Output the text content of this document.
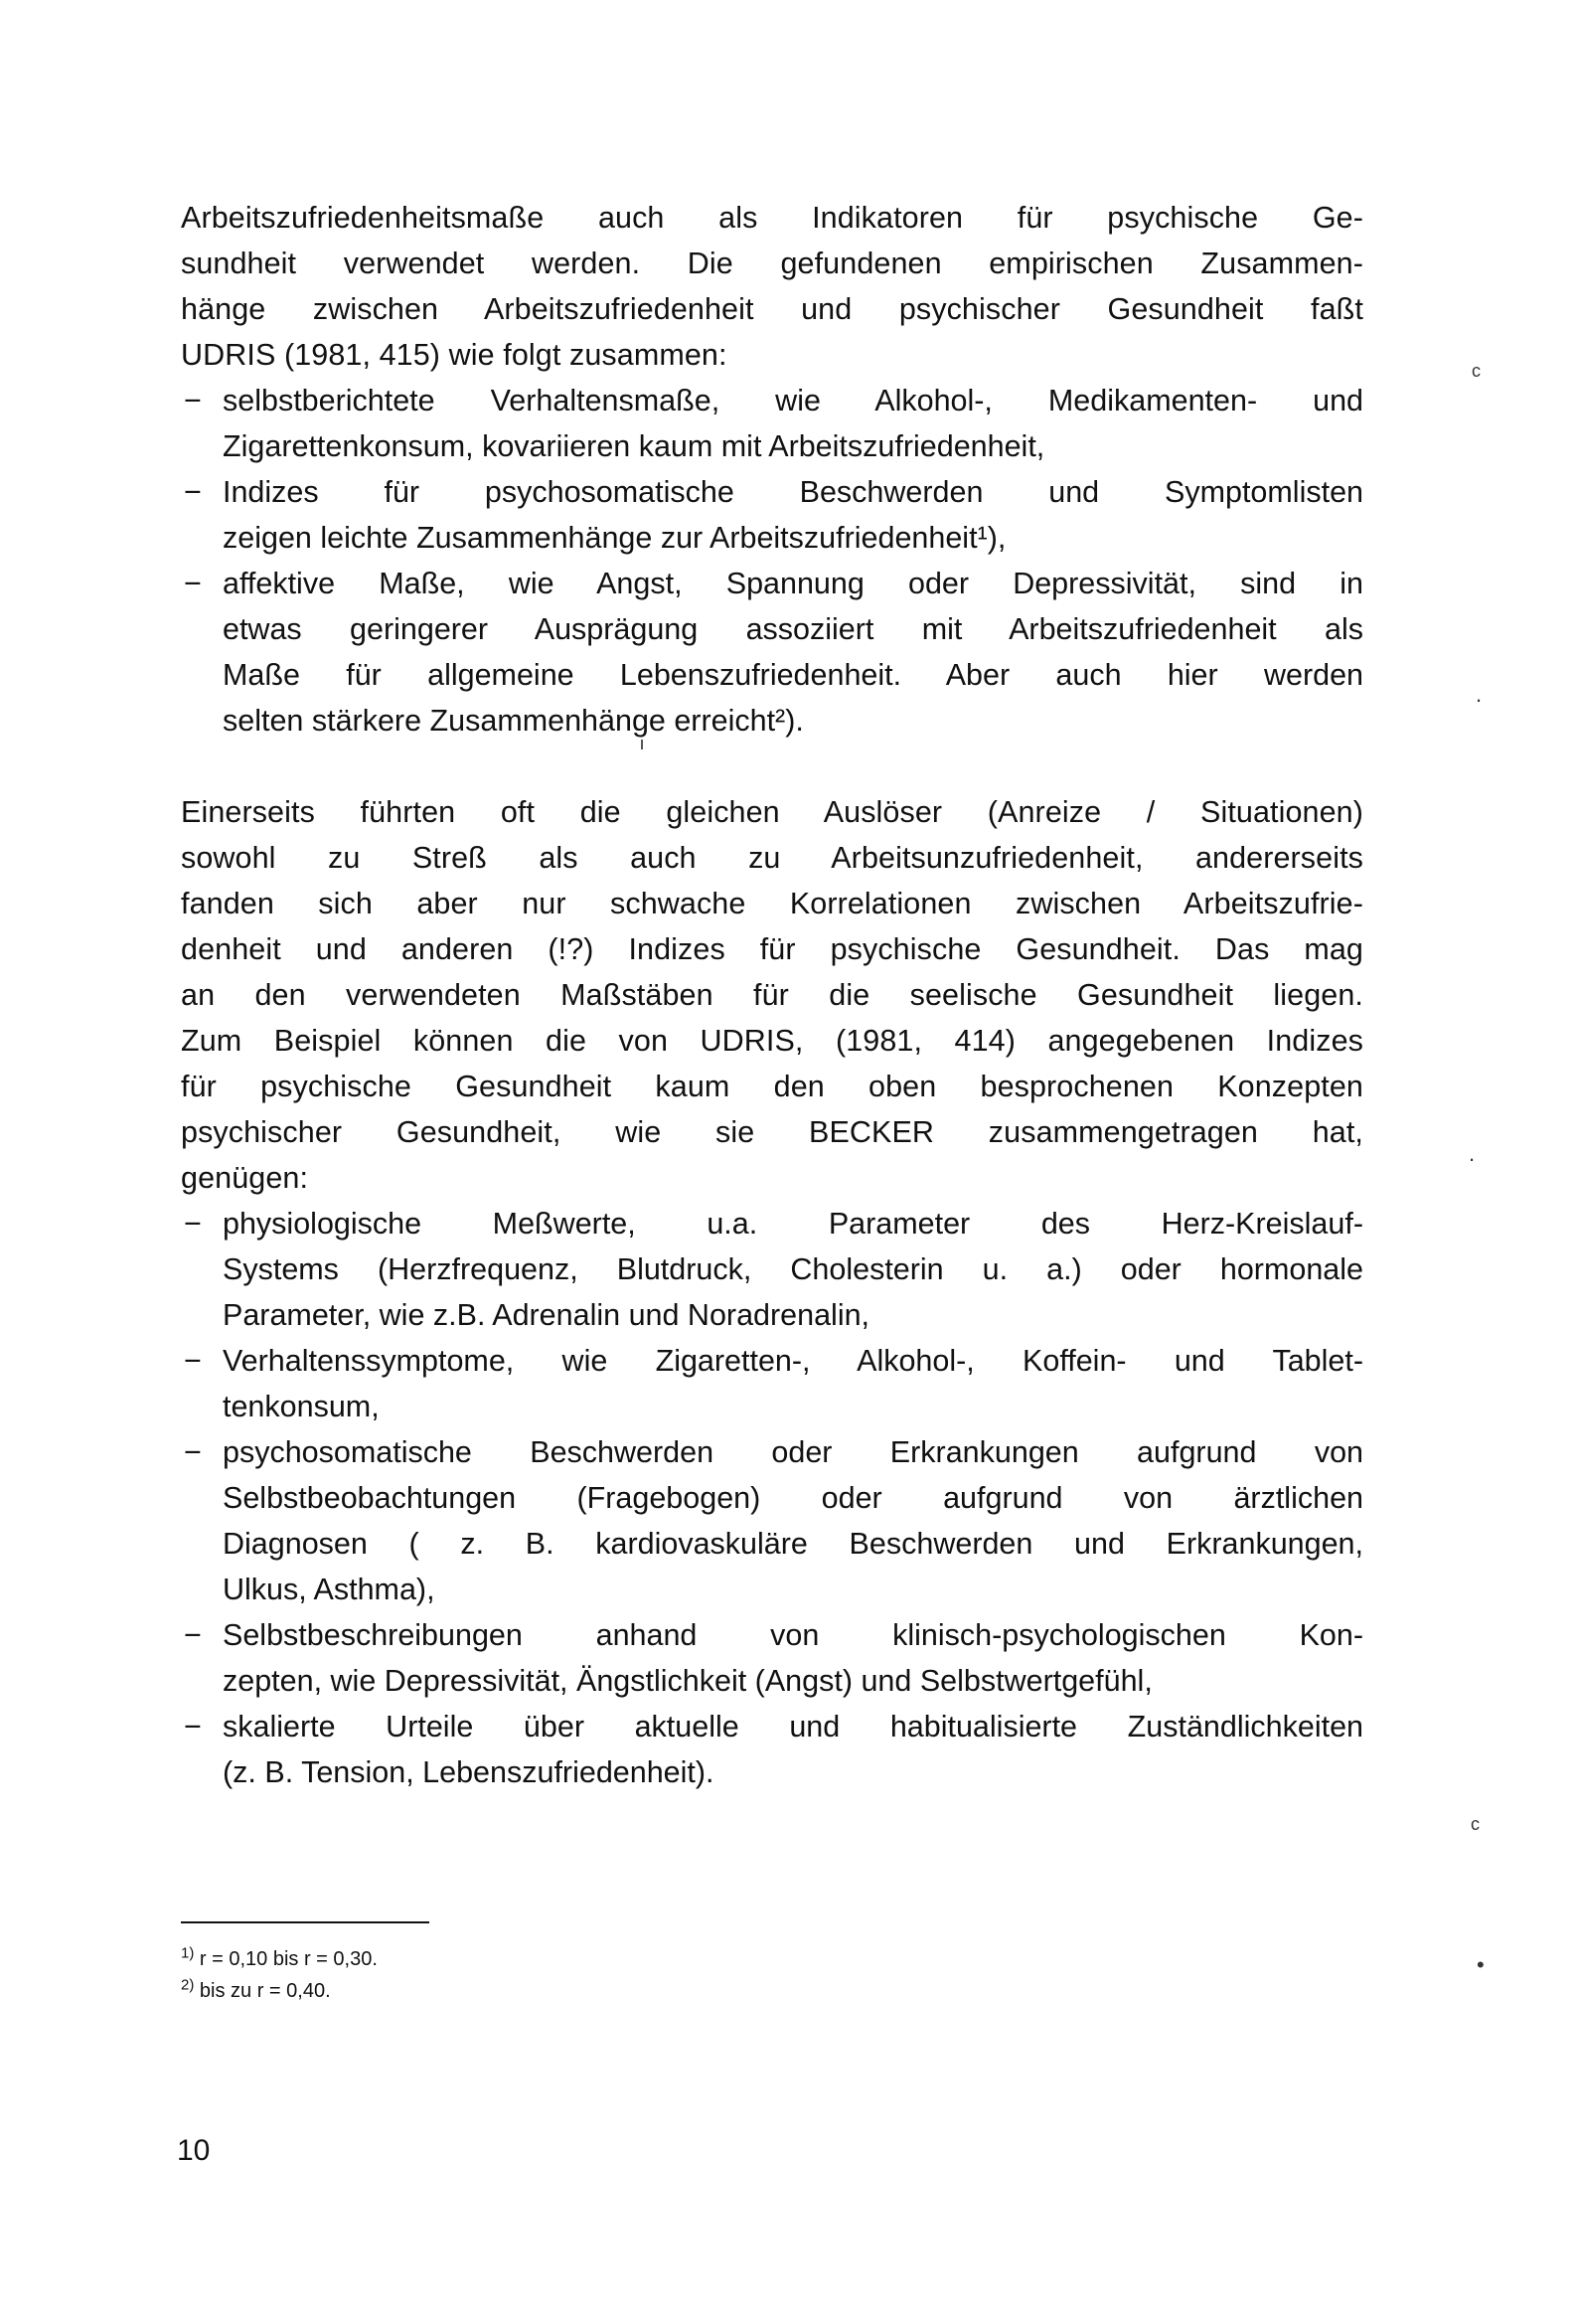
Arbeitszufriedenheitsmaße auch als Indikatoren für psychische Ge-
sundheit verwendet werden. Die gefundenen empirischen Zusammen-
hänge zwischen Arbeitszufriedenheit und psychischer Gesundheit faßt
UDRIS (1981, 415) wie folgt zusammen:

− selbstberichtete Verhaltensmaße, wie Alkohol-, Medikamenten- und
Zigarettenkonsum, kovariieren kaum mit Arbeitszufriedenheit,
− Indizes für psychosomatische Beschwerden und Symptomlisten
zeigen leichte Zusammenhänge zur Arbeitszufriedenheit¹),
− affektive Maße, wie Angst, Spannung oder Depressivität, sind in
etwas geringerer Ausprägung assoziiert mit Arbeitszufriedenheit als
Maße für allgemeine Lebenszufriedenheit. Aber auch hier werden
selten stärkere Zusammenhänge erreicht²).

Einerseits führten oft die gleichen Auslöser (Anreize / Situationen)
sowohl zu Streß als auch zu Arbeitsunzufriedenheit, andererseits
fanden sich aber nur schwache Korrelationen zwischen Arbeitszufrie-
denheit und anderen (!?) Indizes für psychische Gesundheit. Das mag
an den verwendeten Maßstäben für die seelische Gesundheit liegen.
Zum Beispiel können die von UDRIS, (1981, 414) angegebenen Indizes
für psychische Gesundheit kaum den oben besprochenen Konzepten
psychischer Gesundheit, wie sie BECKER zusammengetragen hat,
genügen:

− physiologische Meßwerte, u.a. Parameter des Herz-Kreislauf-
Systems (Herzfrequenz, Blutdruck, Cholesterin u. a.) oder hormonale
Parameter, wie z.B. Adrenalin und Noradrenalin,
− Verhaltenssymptome, wie Zigaretten-, Alkohol-, Koffein- und Tablet-
tenkonsum,
− psychosomatische Beschwerden oder Erkrankungen aufgrund von
Selbstbeobachtungen (Fragebogen) oder aufgrund von ärztlichen
Diagnosen ( z. B. kardiovaskuläre Beschwerden und Erkrankungen,
Ulkus, Asthma),
− Selbstbeschreibungen anhand von klinisch-psychologischen Kon-
zepten, wie Depressivität, Ängstlichkeit (Angst) und Selbstwertgefühl,
− skalierte Urteile über aktuelle und habitualisierte Zuständlichkeiten
(z. B. Tension, Lebenszufriedenheit).
$^{1)}$ r = 0,10 bis r = 0,30.
$^{2)}$ bis zu r = 0,40.
10
c
.
.
c
•
